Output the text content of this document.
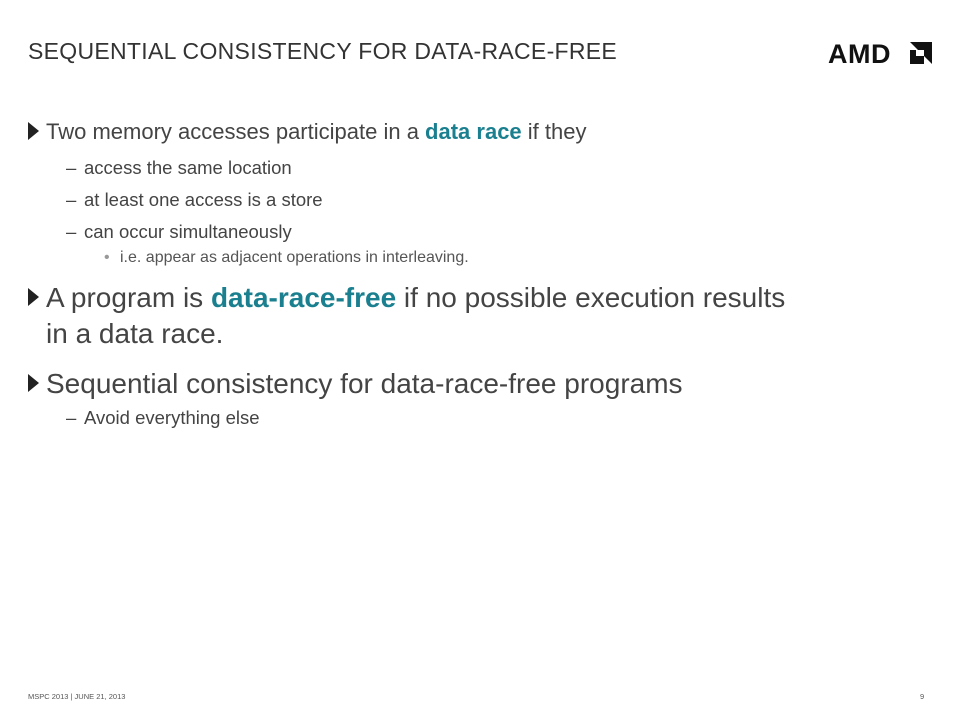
SEQUENTIAL CONSISTENCY FOR DATA-RACE-FREE	AMD
Two memory accesses participate in a data race if they
– access the same location
– at least one access is a store
– can occur simultaneously
• i.e. appear as adjacent operations in interleaving.
A program is data-race-free if no possible execution results in a data race.
Sequential consistency for data-race-free programs
– Avoid everything else
MSPC 2013 | JUNE 21, 2013	9
